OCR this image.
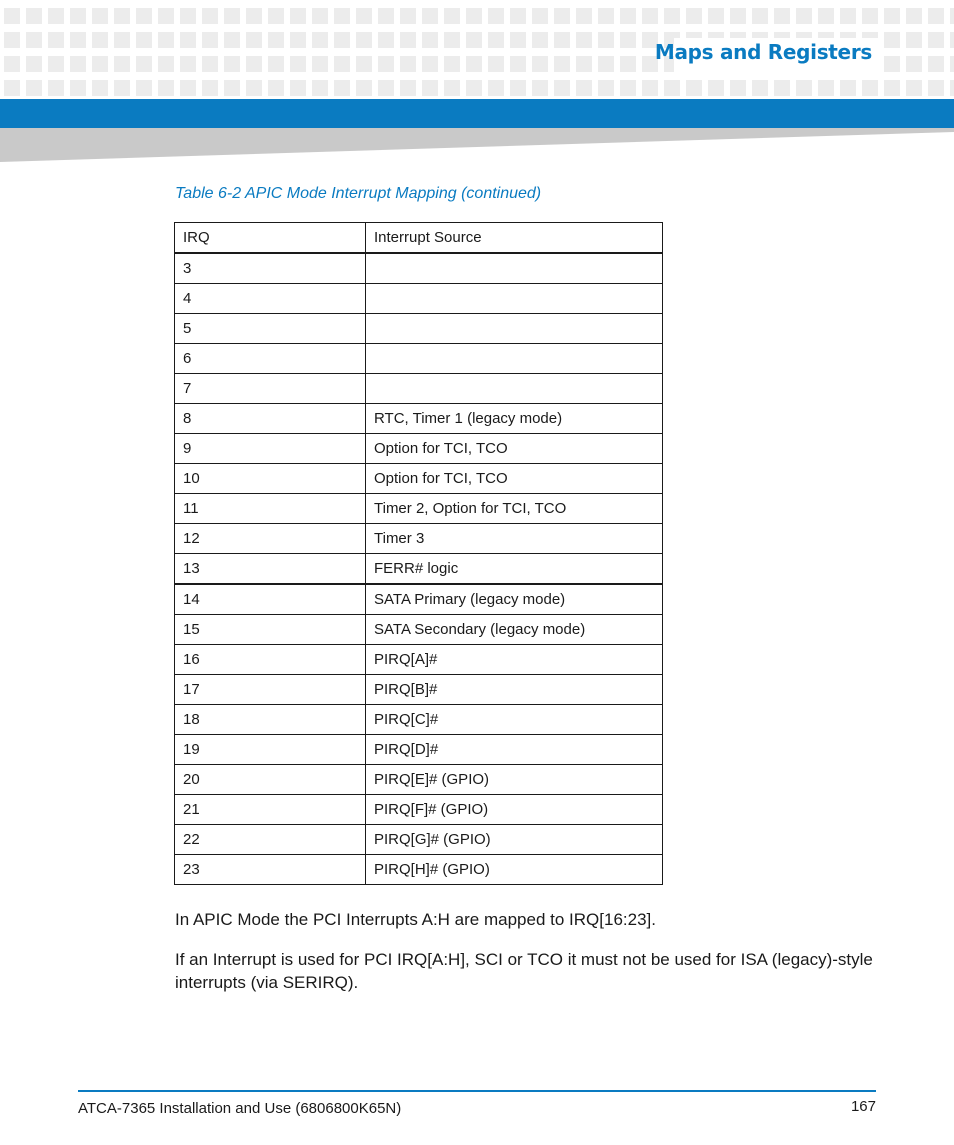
Maps and Registers
Table 6-2 APIC Mode Interrupt Mapping (continued)
IRQ	Interrupt Source
3	
4	
5	
6	
7	
8	RTC, Timer 1 (legacy mode)
9	Option for TCI, TCO
10	Option for TCI, TCO
11	Timer 2, Option for TCI, TCO
12	Timer 3
13	FERR# logic
14	SATA Primary (legacy mode)
15	SATA Secondary (legacy mode)
16	PIRQ[A]#
17	PIRQ[B]#
18	PIRQ[C]#
19	PIRQ[D]#
20	PIRQ[E]# (GPIO)
21	PIRQ[F]# (GPIO)
22	PIRQ[G]# (GPIO)
23	PIRQ[H]# (GPIO)
In APIC Mode the PCI Interrupts A:H are mapped to IRQ[16:23].
If an Interrupt is used for PCI IRQ[A:H], SCI or TCO it must not be used for ISA (legacy)-style interrupts (via SERIRQ).
ATCA-7365 Installation and Use (6806800K65N)	167
